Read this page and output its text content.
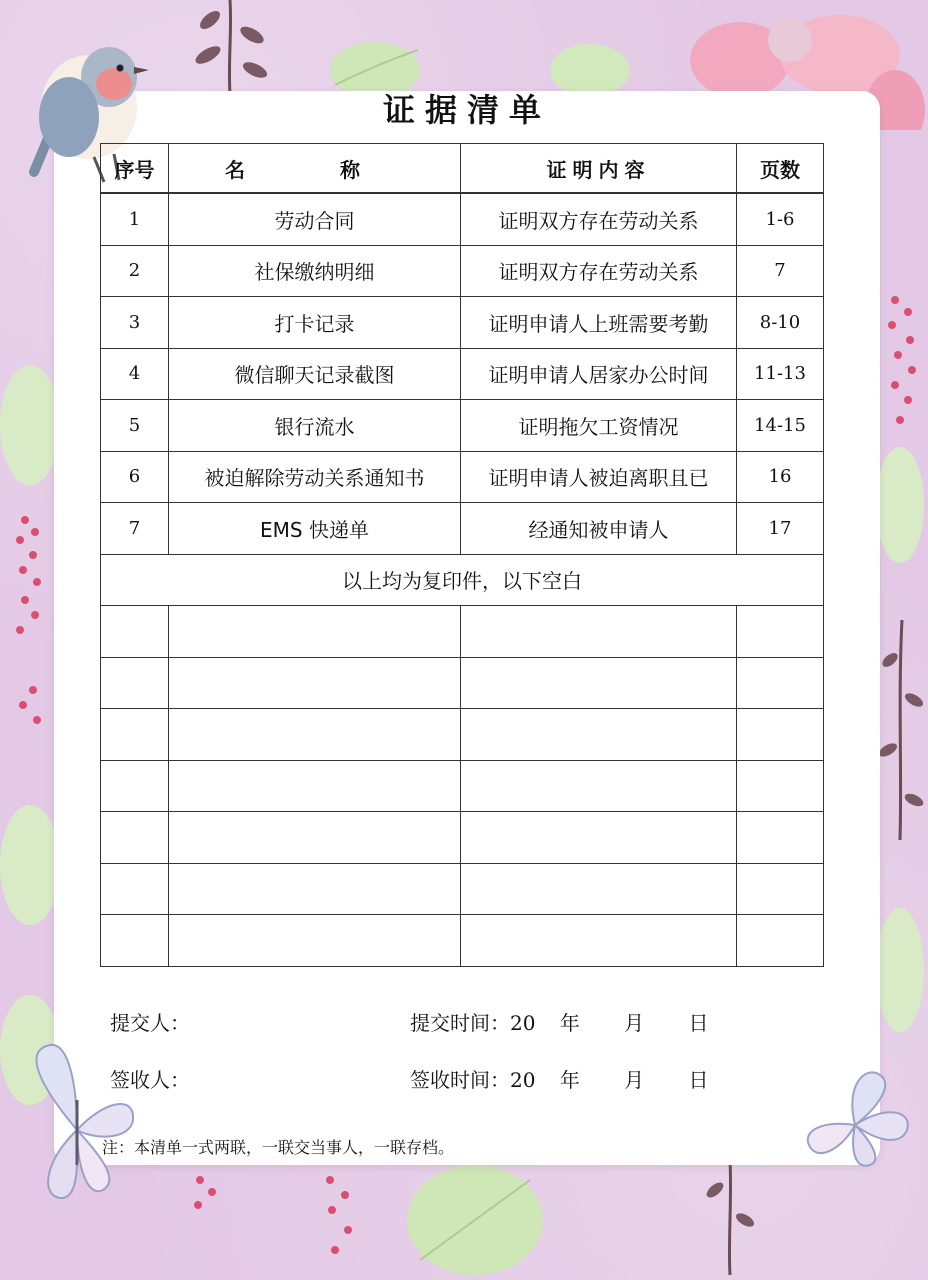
证据清单
序号	名 称	证明内容	页数

1	劳动合同	证明双方存在劳动关系	1-6
2	社保缴纳明细	证明双方存在劳动关系	7
3	打卡记录	证明申请人上班需要考勤	8-10
4	微信聊天记录截图	证明申请人居家办公时间	11-13
5	银行流水	证明拖欠工资情况	14-15
6	被迫解除劳动关系通知书	证明申请人被迫离职且已	16
7	EMS 快递单	经通知被申请人	17
以上均为复印件，以下空白			

提交人：	提交时间：20 年 月 日
签收人：	签收时间：20 年 月 日
注：本清单一式两联，一联交当事人，一联存档。
